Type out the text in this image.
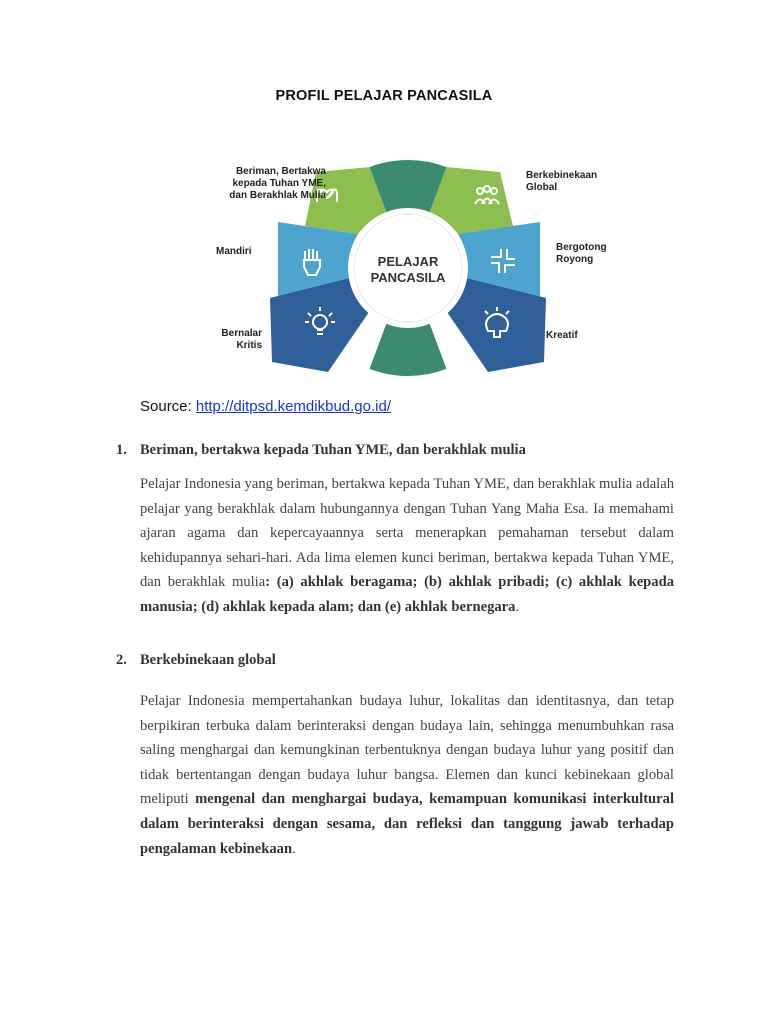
PROFIL PELAJAR PANCASILA
PELAJAR
PANCASILA
Beriman, Bertakwa
kepada Tuhan YME,
dan Berakhlak Mulia
Berkebinekaan
Global
Mandiri	Bergotong
Royong
Bernalar
Kritis
Kreatif
Source: http://ditpsd.kemdikbud.go.id/
1. Beriman, bertakwa kepada Tuhan YME, dan berakhlak mulia
Pelajar Indonesia yang beriman, bertakwa kepada Tuhan YME, dan berakhlak mulia adalah pelajar yang berakhlak dalam hubungannya dengan Tuhan Yang Maha Esa. Ia memahami ajaran agama dan kepercayaannya serta menerapkan pemahaman tersebut dalam kehidupannya sehari-hari. Ada lima elemen kunci beriman, bertakwa kepada Tuhan YME, dan berakhlak mulia: (a) akhlak beragama; (b) akhlak pribadi; (c) akhlak kepada manusia; (d) akhlak kepada alam; dan (e) akhlak bernegara.
2. Berkebinekaan global
Pelajar Indonesia mempertahankan budaya luhur, lokalitas dan identitasnya, dan tetap berpikiran terbuka dalam berinteraksi dengan budaya lain, sehingga menumbuhkan rasa saling menghargai dan kemungkinan terbentuknya dengan budaya luhur yang positif dan tidak bertentangan dengan budaya luhur bangsa. Elemen dan kunci kebinekaan global meliputi mengenal dan menghargai budaya, kemampuan komunikasi interkultural dalam berinteraksi dengan sesama, dan refleksi dan tanggung jawab terhadap pengalaman kebinekaan.
